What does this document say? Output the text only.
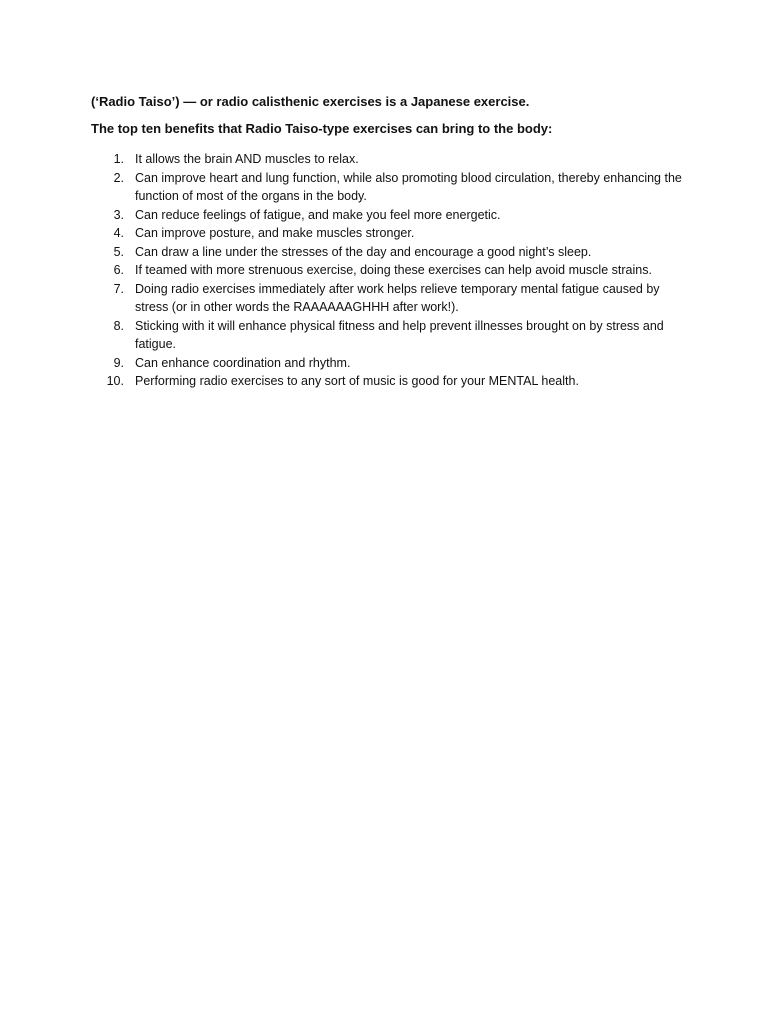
(‘Radio Taiso’) — or radio calisthenic exercises is a Japanese exercise.

The top ten benefits that Radio Taiso-type exercises can bring to the body:

1. It allows the brain AND muscles to relax.
2. Can improve heart and lung function, while also promoting blood circulation, thereby enhancing the function of most of the organs in the body.
3. Can reduce feelings of fatigue, and make you feel more energetic.
4. Can improve posture, and make muscles stronger.
5. Can draw a line under the stresses of the day and encourage a good night’s sleep.
6. If teamed with more strenuous exercise, doing these exercises can help avoid muscle strains.
7. Doing radio exercises immediately after work helps relieve temporary mental fatigue caused by stress (or in other words the RAAAAAAGHHH after work!).
8. Sticking with it will enhance physical fitness and help prevent illnesses brought on by stress and fatigue.
9. Can enhance coordination and rhythm.
10. Performing radio exercises to any sort of music is good for your MENTAL health.
